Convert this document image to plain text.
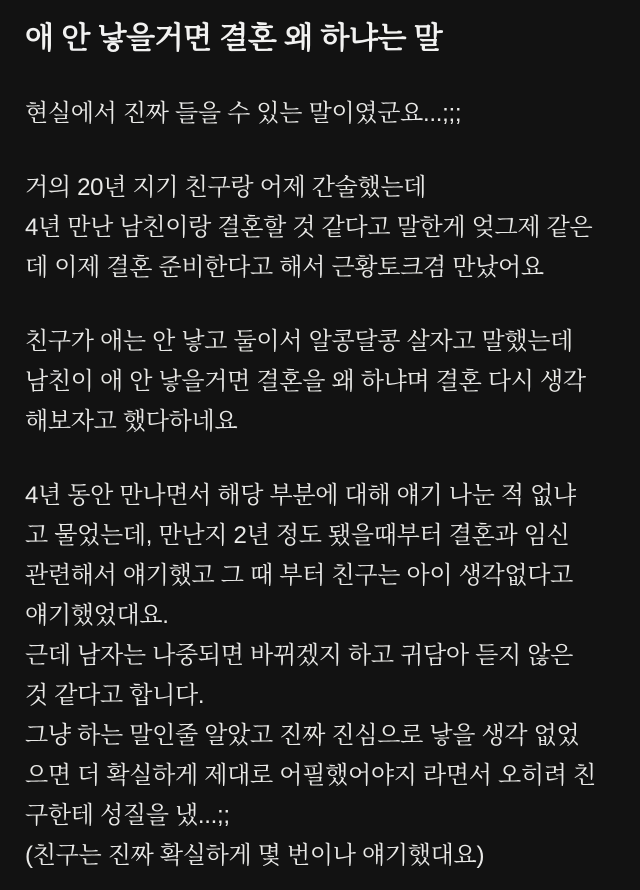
애 안 낳을거면 결혼 왜 하냐는 말
현실에서 진짜 들을 수 있는 말이였군요...;;;
거의 20년 지기 친구랑 어제 간술했는데
4년 만난 남친이랑 결혼할 것 같다고 말한게 엊그제 같은
데 이제 결혼 준비한다고 해서 근황토크겸 만났어요
친구가 애는 안 낳고 둘이서 알콩달콩 살자고 말했는데
남친이 애 안 낳을거면 결혼을 왜 하냐며 결혼 다시 생각
해보자고 했다하네요
4년 동안 만나면서 해당 부분에 대해 얘기 나눈 적 없냐
고 물었는데, 만난지 2년 정도 됐을때부터 결혼과 임신
관련해서 얘기했고 그 때 부터 친구는 아이 생각없다고
얘기했었대요.
근데 남자는 나중되면 바뀌겠지 하고 귀담아 듣지 않은
것 같다고 합니다.
그냥 하는 말인줄 알았고 진짜 진심으로 낳을 생각 없었
으면 더 확실하게 제대로 어필했어야지 라면서 오히려 친
구한테 성질을 냈...;;
(친구는 진짜 확실하게 몇 번이나 얘기했대요)
